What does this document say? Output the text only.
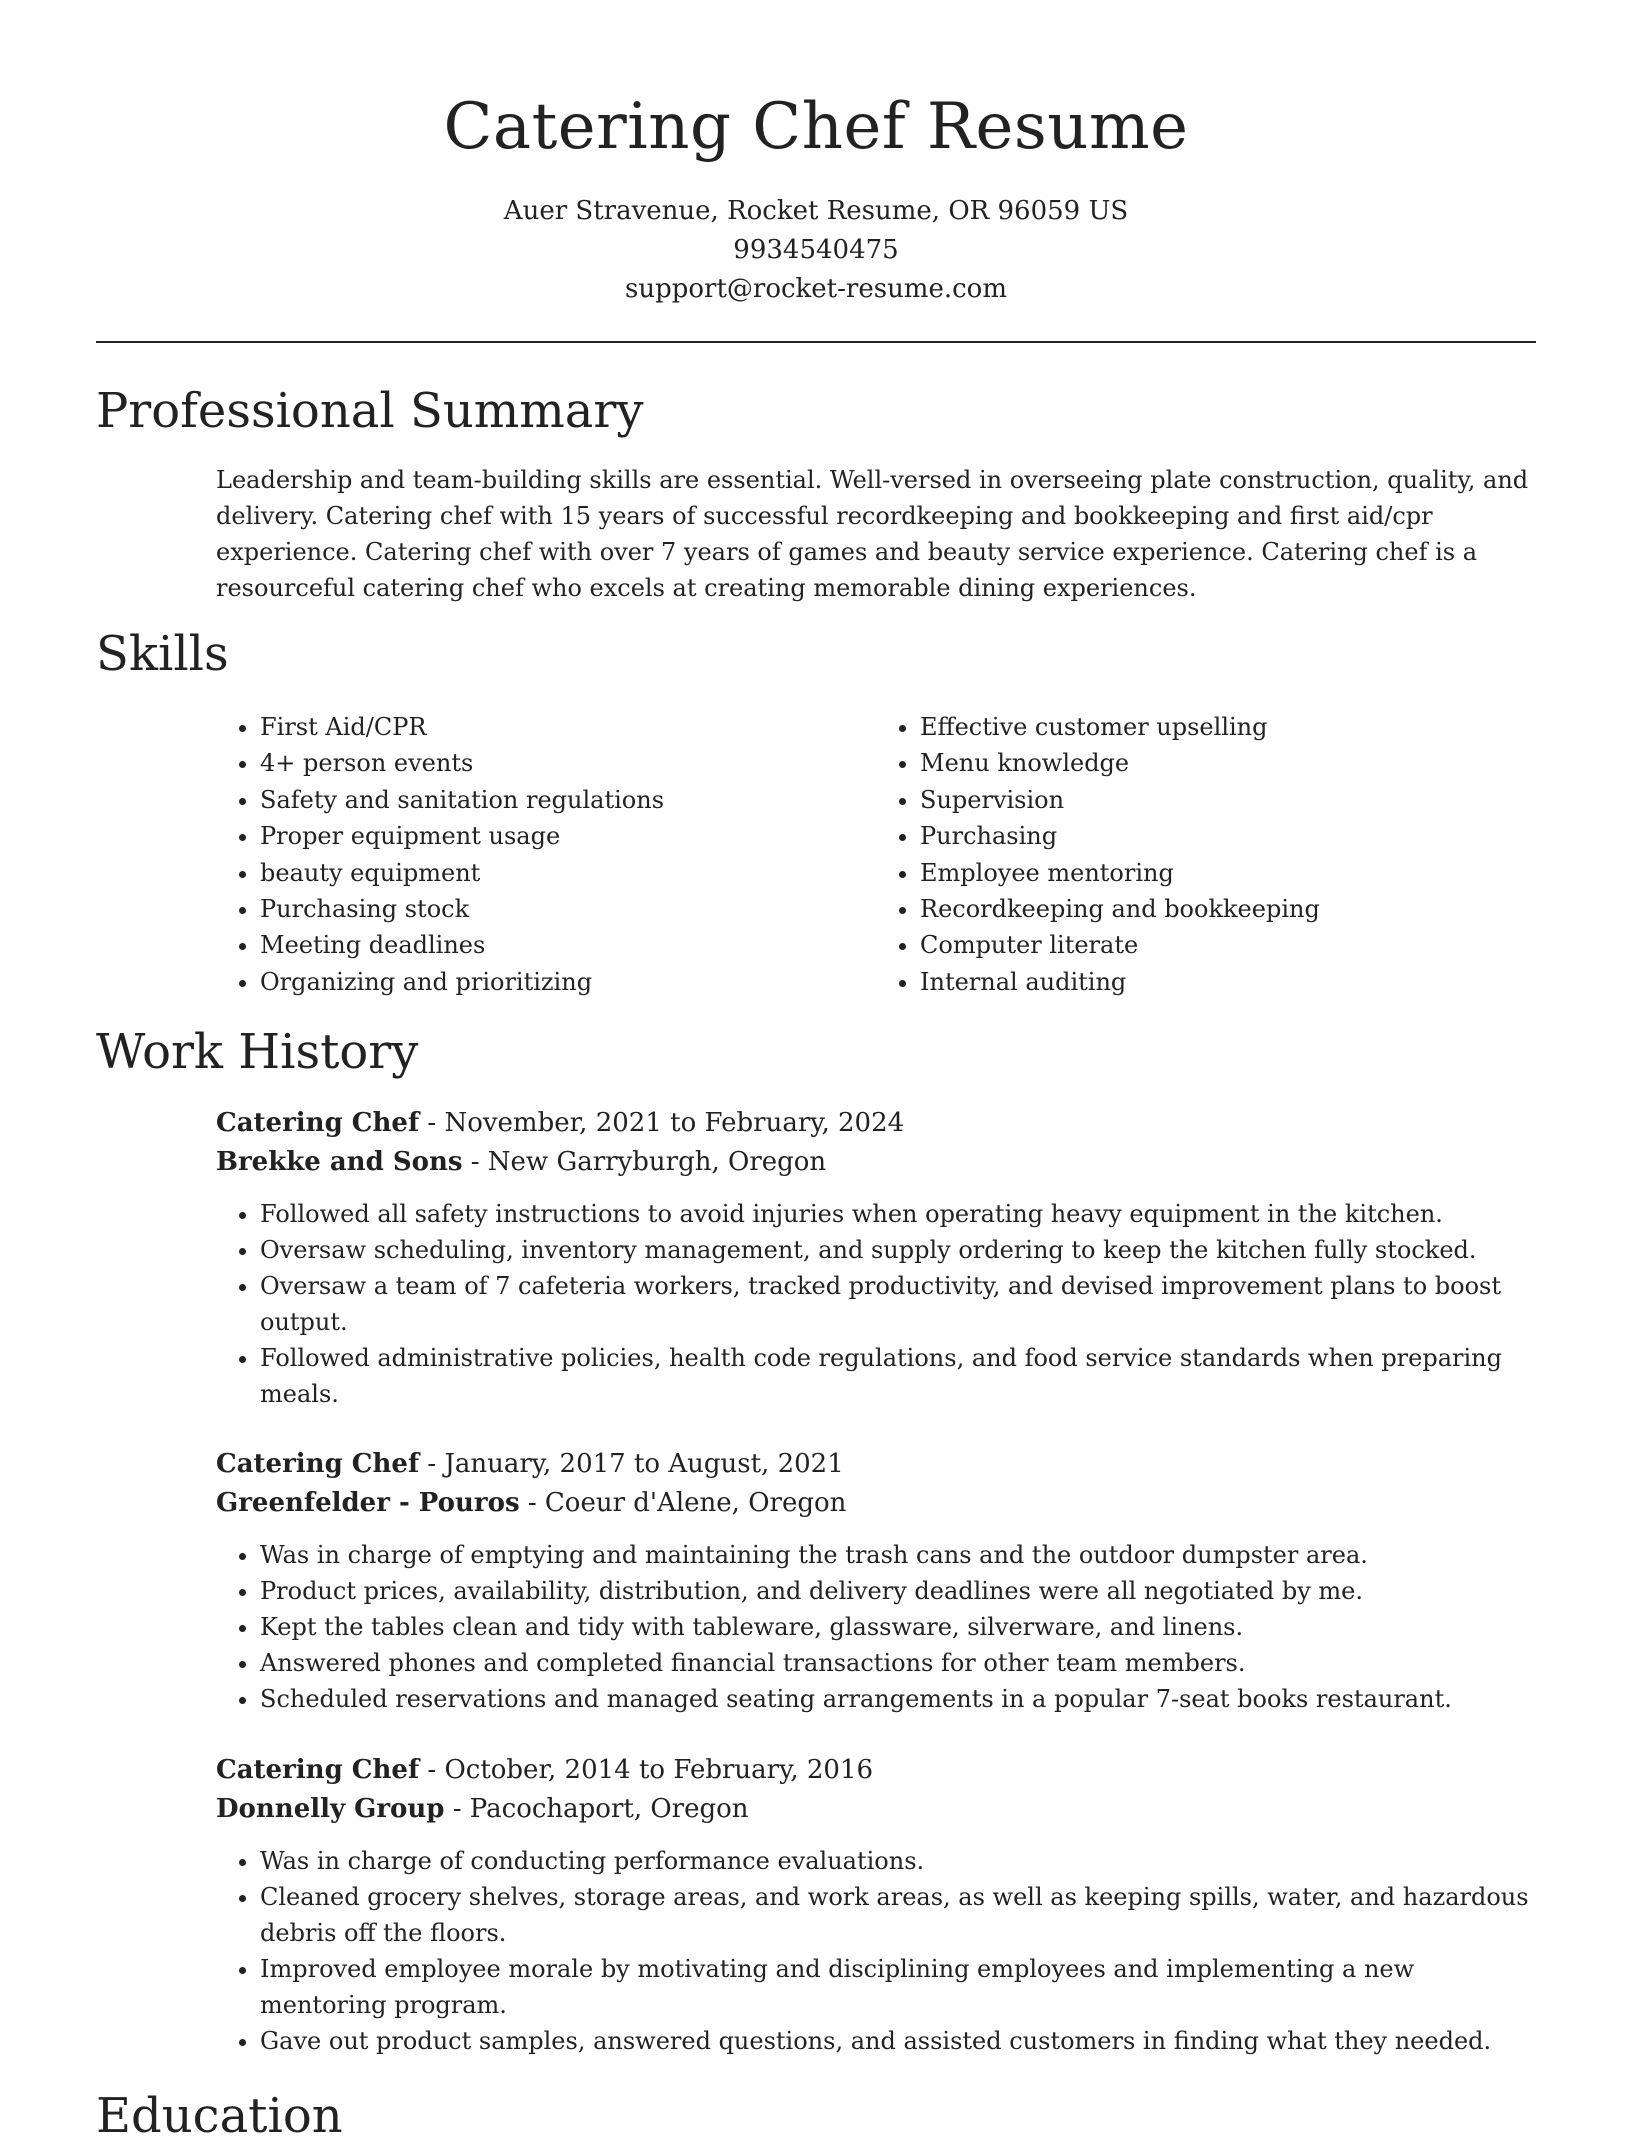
Catering Chef Resume
Auer Stravenue, Rocket Resume, OR 96059 US
9934540475
support@rocket-resume.com
Professional Summary

Leadership and team-building skills are essential. Well-versed in overseeing plate construction, quality, and delivery. Catering chef with 15 years of successful recordkeeping and bookkeeping and first aid/cpr experience. Catering chef with over 7 years of games and beauty service experience. Catering chef is a resourceful catering chef who excels at creating memorable dining experiences.

Skills
• First Aid/CPR
• 4+ person events
• Safety and sanitation regulations
• Proper equipment usage
• beauty equipment
• Purchasing stock
• Meeting deadlines
• Organizing and prioritizing
• Effective customer upselling
• Menu knowledge
• Supervision
• Purchasing
• Employee mentoring
• Recordkeeping and bookkeeping
• Computer literate
• Internal auditing
Work History
Catering Chef - November, 2021 to February, 2024
Brekke and Sons - New Garryburgh, Oregon
• Followed all safety instructions to avoid injuries when operating heavy equipment in the kitchen.
• Oversaw scheduling, inventory management, and supply ordering to keep the kitchen fully stocked.
• Oversaw a team of 7 cafeteria workers, tracked productivity, and devised improvement plans to boost output.
• Followed administrative policies, health code regulations, and food service standards when preparing meals.
Catering Chef - January, 2017 to August, 2021
Greenfelder - Pouros - Coeur d'Alene, Oregon
• Was in charge of emptying and maintaining the trash cans and the outdoor dumpster area.
• Product prices, availability, distribution, and delivery deadlines were all negotiated by me.
• Kept the tables clean and tidy with tableware, glassware, silverware, and linens.
• Answered phones and completed financial transactions for other team members.
• Scheduled reservations and managed seating arrangements in a popular 7-seat books restaurant.
Catering Chef - October, 2014 to February, 2016
Donnelly Group - Pacochaport, Oregon
• Was in charge of conducting performance evaluations.
• Cleaned grocery shelves, storage areas, and work areas, as well as keeping spills, water, and hazardous debris off the floors.
• Improved employee morale by motivating and disciplining employees and implementing a new mentoring program.
• Gave out product samples, answered questions, and assisted customers in finding what they needed.
Education
